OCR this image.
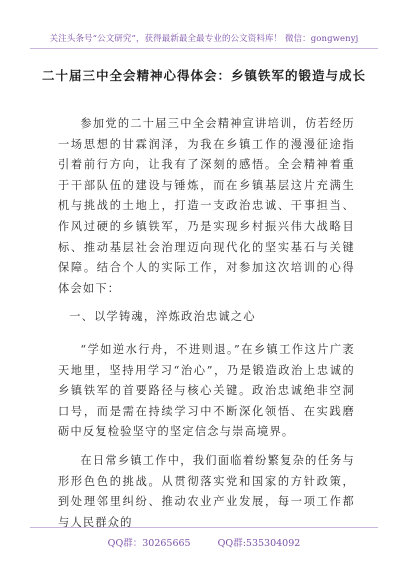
关注头条号“公文研究”，获得最新最全最专业的公文资料库！ 微信：gongwenyj
二十届三中全会精神心得体会：乡镇铁军的锻造与成长

参加党的二十届三中全会精神宣讲培训，仿若经历一场思想的甘霖润泽，为我在乡镇工作的漫漫征途指引着前行方向，让我有了深刻的感悟。全会精神着重于干部队伍的建设与锤炼，而在乡镇基层这片充满生机与挑战的土地上，打造一支政治忠诚、干事担当、作风过硬的乡镇铁军，乃是实现乡村振兴伟大战略目标、推动基层社会治理迈向现代化的坚实基石与关键保障。结合个人的实际工作，对参加这次培训的心得体会如下：

一、以学铸魂，淬炼政治忠诚之心

“学如逆水行舟，不进则退。”在乡镇工作这片广袤天地里，坚持用学习“治心”，乃是锻造政治上忠诚的乡镇铁军的首要路径与核心关键。政治忠诚绝非空洞口号，而是需在持续学习中不断深化领悟、在实践磨砺中反复检验坚守的坚定信念与崇高境界。

在日常乡镇工作中，我们面临着纷繁复杂的任务与形形色色的挑战。从贯彻落实党和国家的方针政策，到处理邻里纠纷、推动农业产业发展，每一项工作都与人民群众的

QQ群：30265665	QQ群:535304092
